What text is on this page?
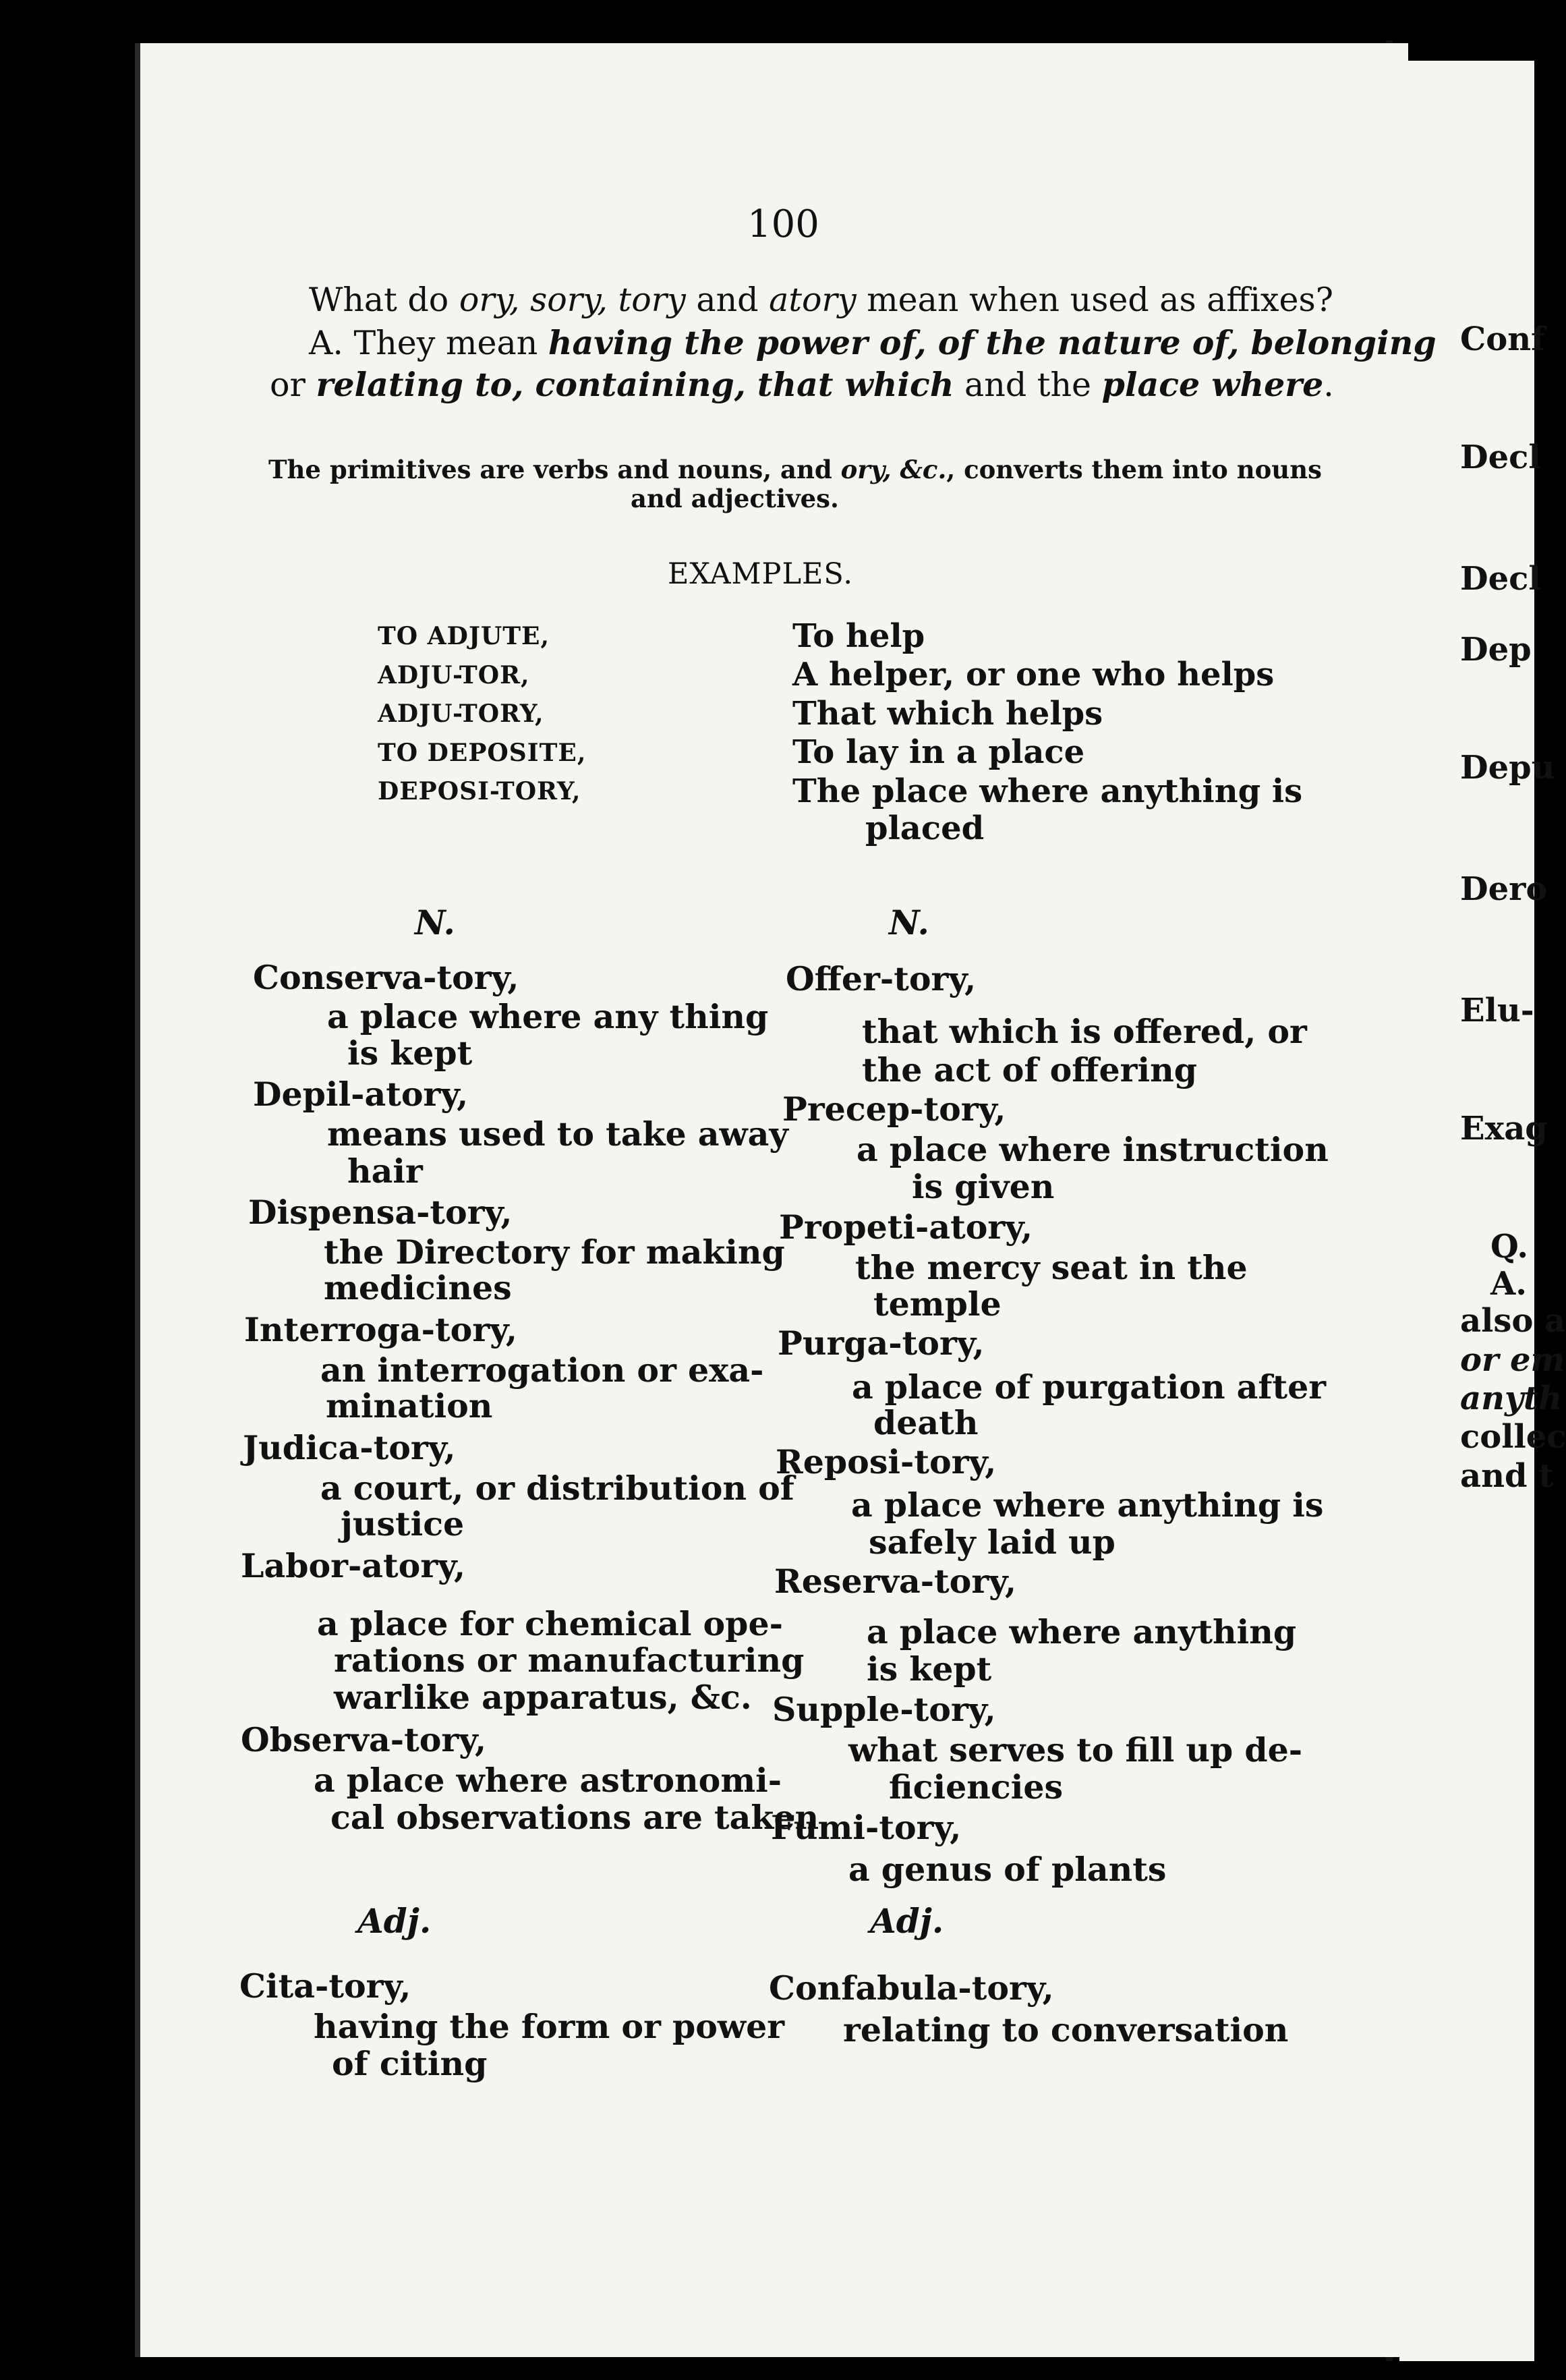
Conf
Decl
Decl
Dep
Depu
Dero
Elu-
Exag
Q.
A.
also a
or em
anyth
collec
and t
100
What do ory, sory, tory and atory mean when used as affixes?
A. They mean having the power of, of the nature of, belonging
or relating to, containing, that which and the place where.
The primitives are verbs and nouns, and ory, &c., converts them into nouns
and adjectives.
EXAMPLES.
TO ADJUTE,	To help
ADJU-TOR,	A helper, or one who helps
ADJU-TORY,	That which helps
TO DEPOSITE,	To lay in a place
DEPOSI-TORY,	The place where anything is
placed
N.	N.
Conserva-tory,
a place where any thing
is kept
Depil-atory,
means used to take away
hair
Dispensa-tory,
the Directory for making
medicines
Interroga-tory,
an interrogation or exa-
mination
Judica-tory,
a court, or distribution of
justice
Labor-atory,
a place for chemical ope-
rations or manufacturing
warlike apparatus, &c.
Observa-tory,
a place where astronomi-
cal observations are taken
Offer-tory,
that which is offered, or
the act of offering
Precep-tory,
a place where instruction
is given
Propeti-atory,
the mercy seat in the
temple
Purga-tory,
a place of purgation after
death
Reposi-tory,
a place where anything is
safely laid up
Reserva-tory,
a place where anything
is kept
Supple-tory,
what serves to fill up de-
ficiencies
Fumi-tory,
a genus of plants
Adj.	Adj.
Cita-tory,
having the form or power
of citing
Confabula-tory,
relating to conversation
